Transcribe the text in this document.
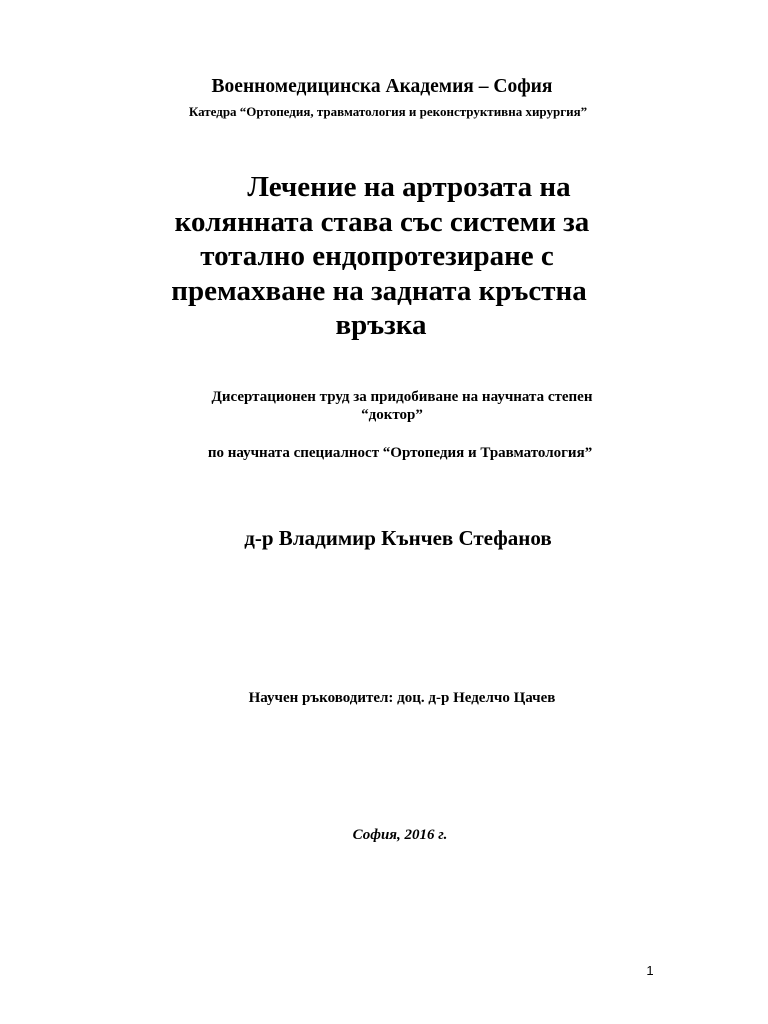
Военномедицинска Академия – София
Катедра “Ортопедия, травматология и реконструктивна хирургия”
Лечение на артрозата на
колянната става със системи за
тотално ендопротезиране с
премахване на задната кръстна
връзка
Дисертационен труд за придобиване на научната степен
“доктор”
по научната специалност “Ортопедия и Травматология”
д-р Владимир Кънчев Стефанов
Научен ръководител: доц. д-р Неделчо Цачев
София, 2016 г.
1
